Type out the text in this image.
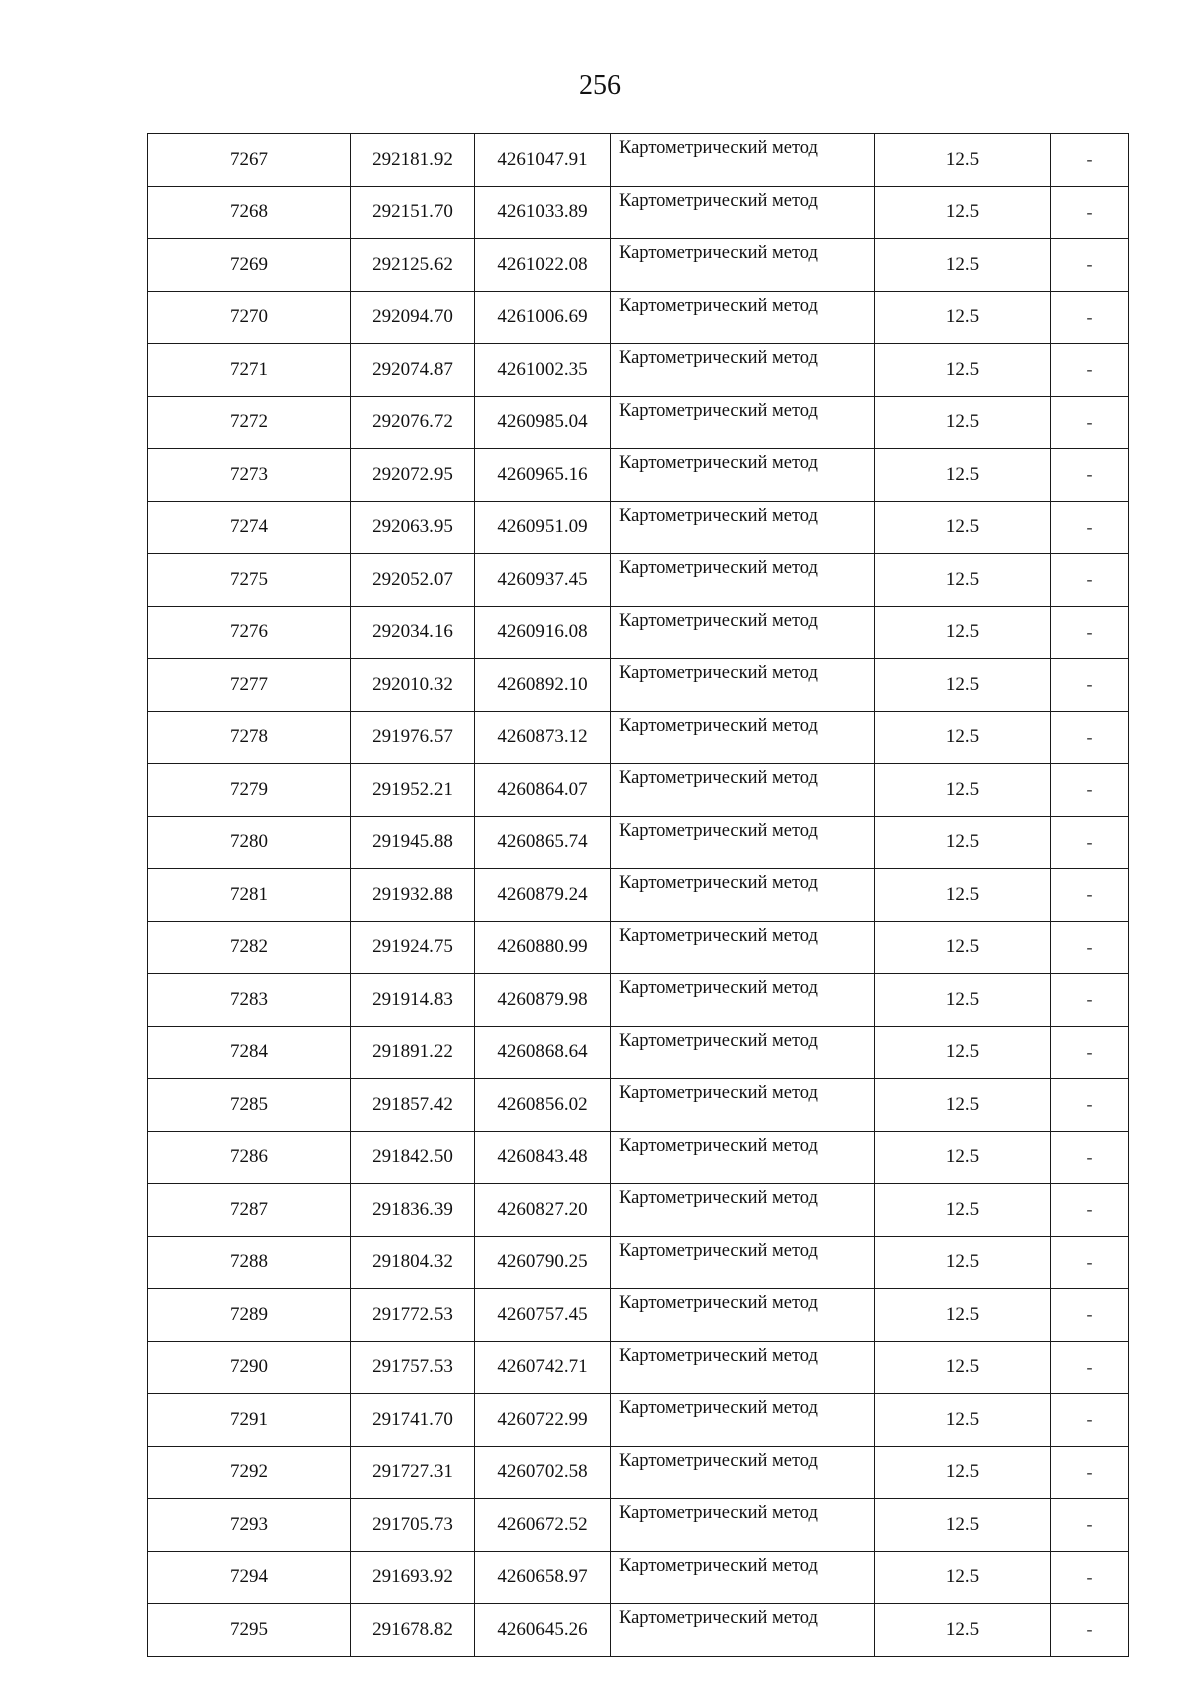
256
7267	292181.92	4261047.91	Картометрический метод	12.5	-
7268	292151.70	4261033.89	Картометрический метод	12.5	-
7269	292125.62	4261022.08	Картометрический метод	12.5	-
7270	292094.70	4261006.69	Картометрический метод	12.5	-
7271	292074.87	4261002.35	Картометрический метод	12.5	-
7272	292076.72	4260985.04	Картометрический метод	12.5	-
7273	292072.95	4260965.16	Картометрический метод	12.5	-
7274	292063.95	4260951.09	Картометрический метод	12.5	-
7275	292052.07	4260937.45	Картометрический метод	12.5	-
7276	292034.16	4260916.08	Картометрический метод	12.5	-
7277	292010.32	4260892.10	Картометрический метод	12.5	-
7278	291976.57	4260873.12	Картометрический метод	12.5	-
7279	291952.21	4260864.07	Картометрический метод	12.5	-
7280	291945.88	4260865.74	Картометрический метод	12.5	-
7281	291932.88	4260879.24	Картометрический метод	12.5	-
7282	291924.75	4260880.99	Картометрический метод	12.5	-
7283	291914.83	4260879.98	Картометрический метод	12.5	-
7284	291891.22	4260868.64	Картометрический метод	12.5	-
7285	291857.42	4260856.02	Картометрический метод	12.5	-
7286	291842.50	4260843.48	Картометрический метод	12.5	-
7287	291836.39	4260827.20	Картометрический метод	12.5	-
7288	291804.32	4260790.25	Картометрический метод	12.5	-
7289	291772.53	4260757.45	Картометрический метод	12.5	-
7290	291757.53	4260742.71	Картометрический метод	12.5	-
7291	291741.70	4260722.99	Картометрический метод	12.5	-
7292	291727.31	4260702.58	Картометрический метод	12.5	-
7293	291705.73	4260672.52	Картометрический метод	12.5	-
7294	291693.92	4260658.97	Картометрический метод	12.5	-
7295	291678.82	4260645.26	Картометрический метод	12.5	-
